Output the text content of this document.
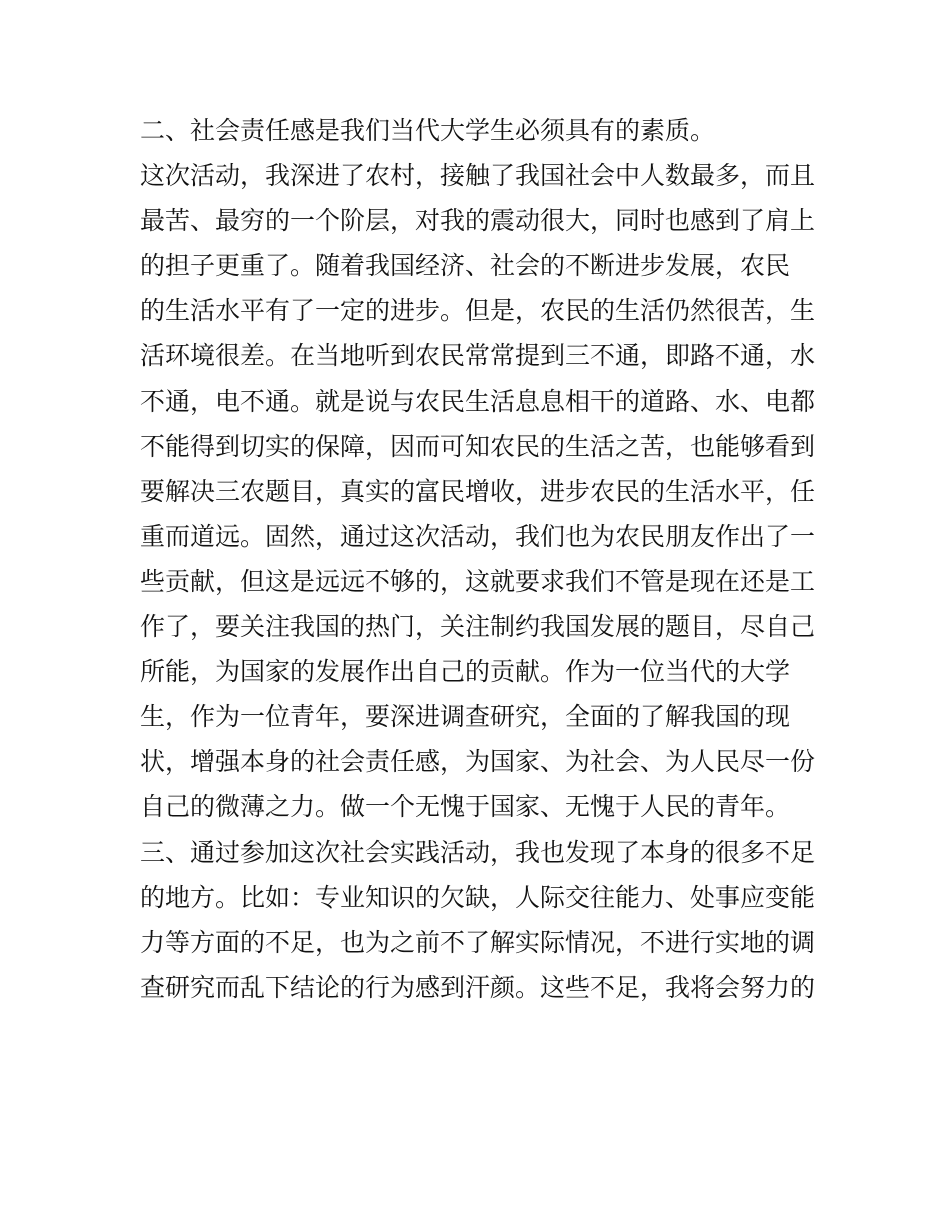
二、社会责任感是我们当代大学生必须具有的素质。

这次活动，我深进了农村，接触了我国社会中人数最多，而且

最苦、最穷的一个阶层，对我的震动很大，同时也感到了肩上

的担子更重了。随着我国经济、社会的不断进步发展，农民

的生活水平有了一定的进步。但是，农民的生活仍然很苦，生

活环境很差。在当地听到农民常常提到三不通，即路不通，水

不通，电不通。就是说与农民生活息息相干的道路、水、电都

不能得到切实的保障，因而可知农民的生活之苦，也能够看到

要解决三农题目，真实的富民增收，进步农民的生活水平，任

重而道远。固然，通过这次活动，我们也为农民朋友作出了一

些贡献，但这是远远不够的，这就要求我们不管是现在还是工

作了，要关注我国的热门，关注制约我国发展的题目，尽自己

所能，为国家的发展作出自己的贡献。作为一位当代的大学

生，作为一位青年，要深进调查研究，全面的了解我国的现

状，增强本身的社会责任感，为国家、为社会、为人民尽一份

自己的微薄之力。做一个无愧于国家、无愧于人民的青年。

三、通过参加这次社会实践活动，我也发现了本身的很多不足

的地方。比如：专业知识的欠缺，人际交往能力、处事应变能

力等方面的不足，也为之前不了解实际情况，不进行实地的调

查研究而乱下结论的行为感到汗颜。这些不足，我将会努力的
